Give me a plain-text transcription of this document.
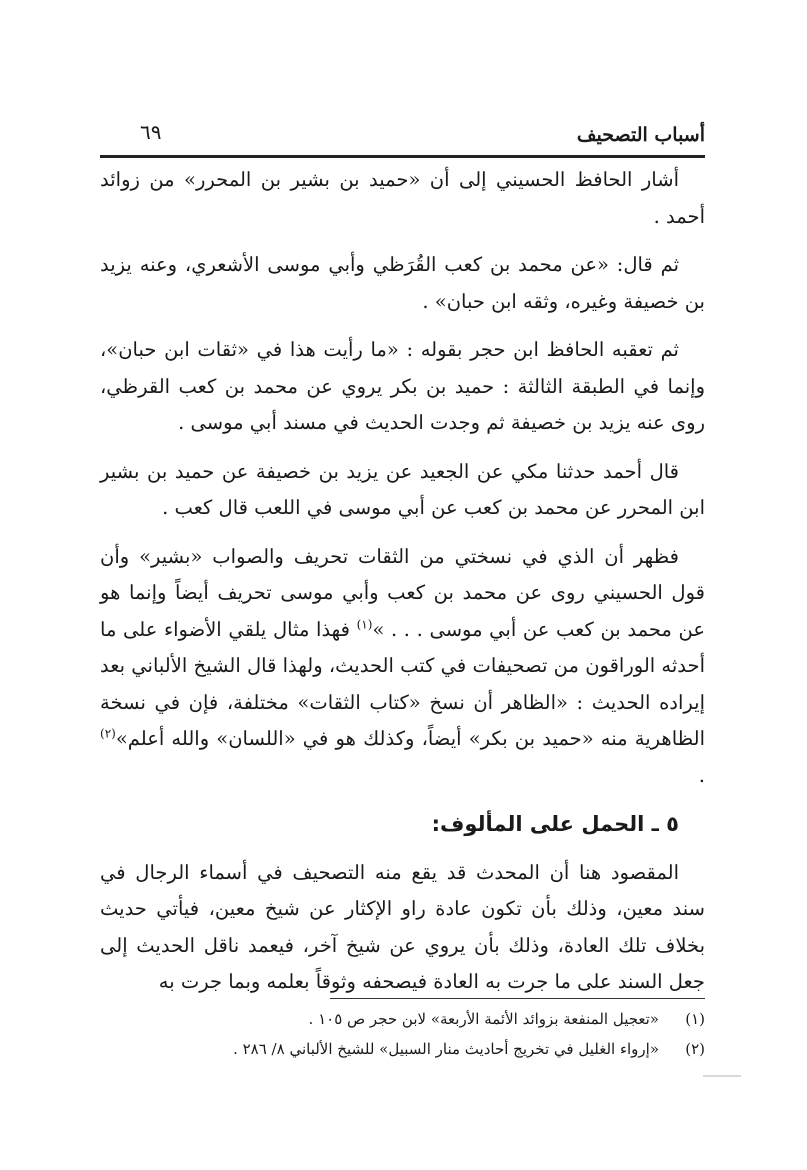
أسباب التصحيف
٦٩

أشار الحافظ الحسيني إلى أن «حميد بن بشير بن المحرر» من زوائد أحمد .

ثم قال: «عن محمد بن كعب القُرَظي وأبي موسى الأشعري، وعنه يزيد بن خصيفة وغيره، وثقه ابن حبان» .

ثم تعقبه الحافظ ابن حجر بقوله : «ما رأيت هذا في «ثقات ابن حبان»، وإنما في الطبقة الثالثة : حميد بن بكر يروي عن محمد بن كعب القرظي، روى عنه يزيد بن خصيفة ثم وجدت الحديث في مسند أبي موسى .

قال أحمد حدثنا مكي عن الجعيد عن يزيد بن خصيفة عن حميد بن بشير ابن المحرر عن محمد بن كعب عن أبي موسى في اللعب قال كعب .

فظهر أن الذي في نسختي من الثقات تحريف والصواب «بشير» وأن قول الحسيني روى عن محمد بن كعب وأبي موسى تحريف أيضاً وإنما هو عن محمد بن كعب عن أبي موسى . . . »$^{(١)}$ فهذا مثال يلقي الأضواء على ما أحدثه الوراقون من تصحيفات في كتب الحديث، ولهذا قال الشيخ الألباني بعد إيراده الحديث : «الظاهر أن نسخ «كتاب الثقات» مختلفة، فإن في نسخة الظاهرية منه «حميد بن بكر» أيضاً، وكذلك هو في «اللسان» والله أعلم»$^{(٢)}$ .

٥ ـ الحمل على المألوف:

المقصود هنا أن المحدث قد يقع منه التصحيف في أسماء الرجال في سند معين، وذلك بأن تكون عادة راو الإكثار عن شيخ معين، فيأتي حديث بخلاف تلك العادة، وذلك بأن يروي عن شيخ آخر، فيعمد ناقل الحديث إلى جعل السند على ما جرت به العادة فيصحفه وثوقاً بعلمه وبما جرت به

(١)«تعجيل المنفعة بزوائد الأئمة الأربعة» لابن حجر ص ١٠٥ .
(٢)«إرواء الغليل في تخريج أحاديث منار السبيل» للشيخ الألباني ٨/ ٢٨٦ .
